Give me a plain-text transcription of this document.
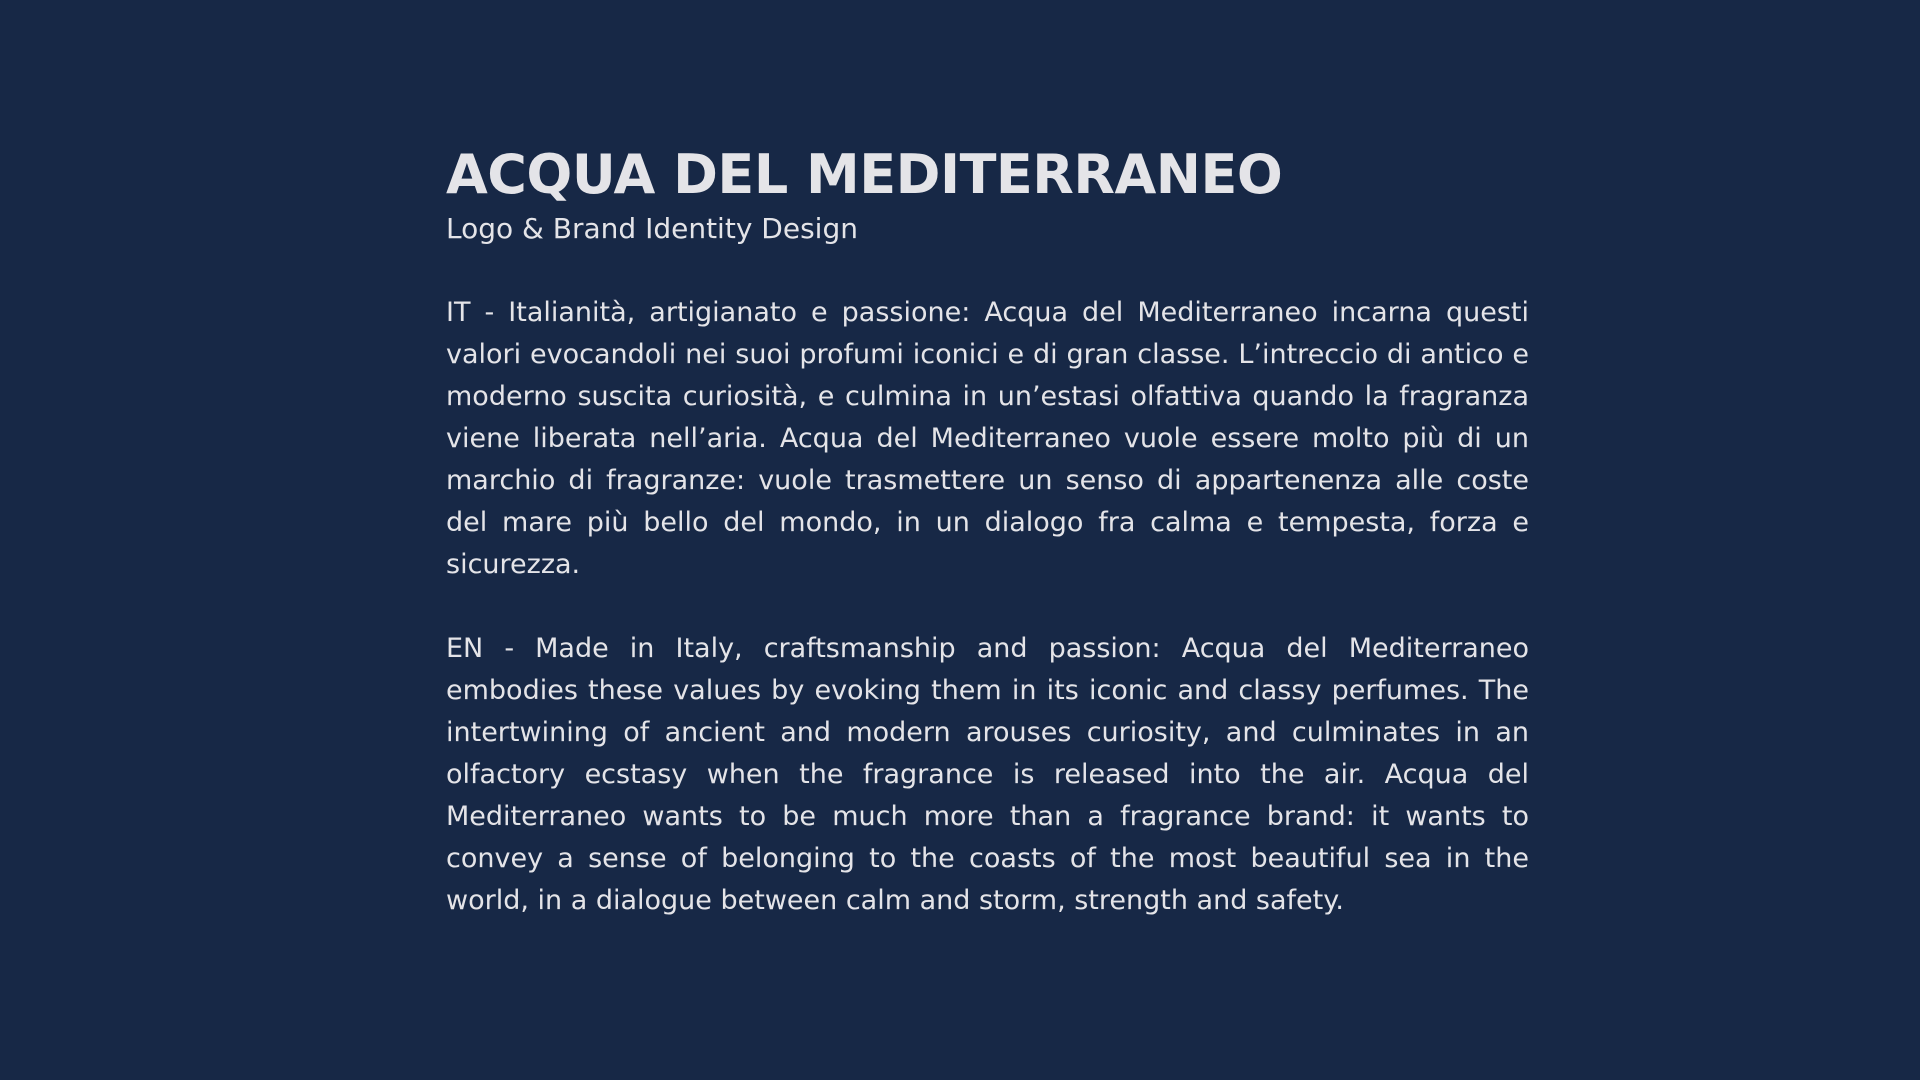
ACQUA DEL MEDITERRANEO

Logo & Brand Identity Design

IT - Italianità, artigianato e passione: Acqua del Mediterraneo incarna questi valori evocandoli nei suoi profumi iconici e di gran classe. L’intreccio di antico e moderno suscita curiosità, e culmina in un’estasi olfattiva quando la fragranza viene liberata nell’aria. Acqua del Mediterraneo vuole essere molto più di un marchio di fragranze: vuole trasmettere un senso di appartenenza alle coste del mare più bello del mondo, in un dialogo fra calma e tempesta, forza e sicurezza.

EN - Made in Italy, craftsmanship and passion: Acqua del Mediterraneo embodies these values by evoking them in its iconic and classy perfumes. The intertwining of ancient and modern arouses curiosity, and culminates in an olfactory ecstasy when the fragrance is released into the air. Acqua del Mediterraneo wants to be much more than a fragrance brand: it wants to convey a sense of belonging to the coasts of the most beautiful sea in the world, in a dialogue between calm and storm, strength and safety.
